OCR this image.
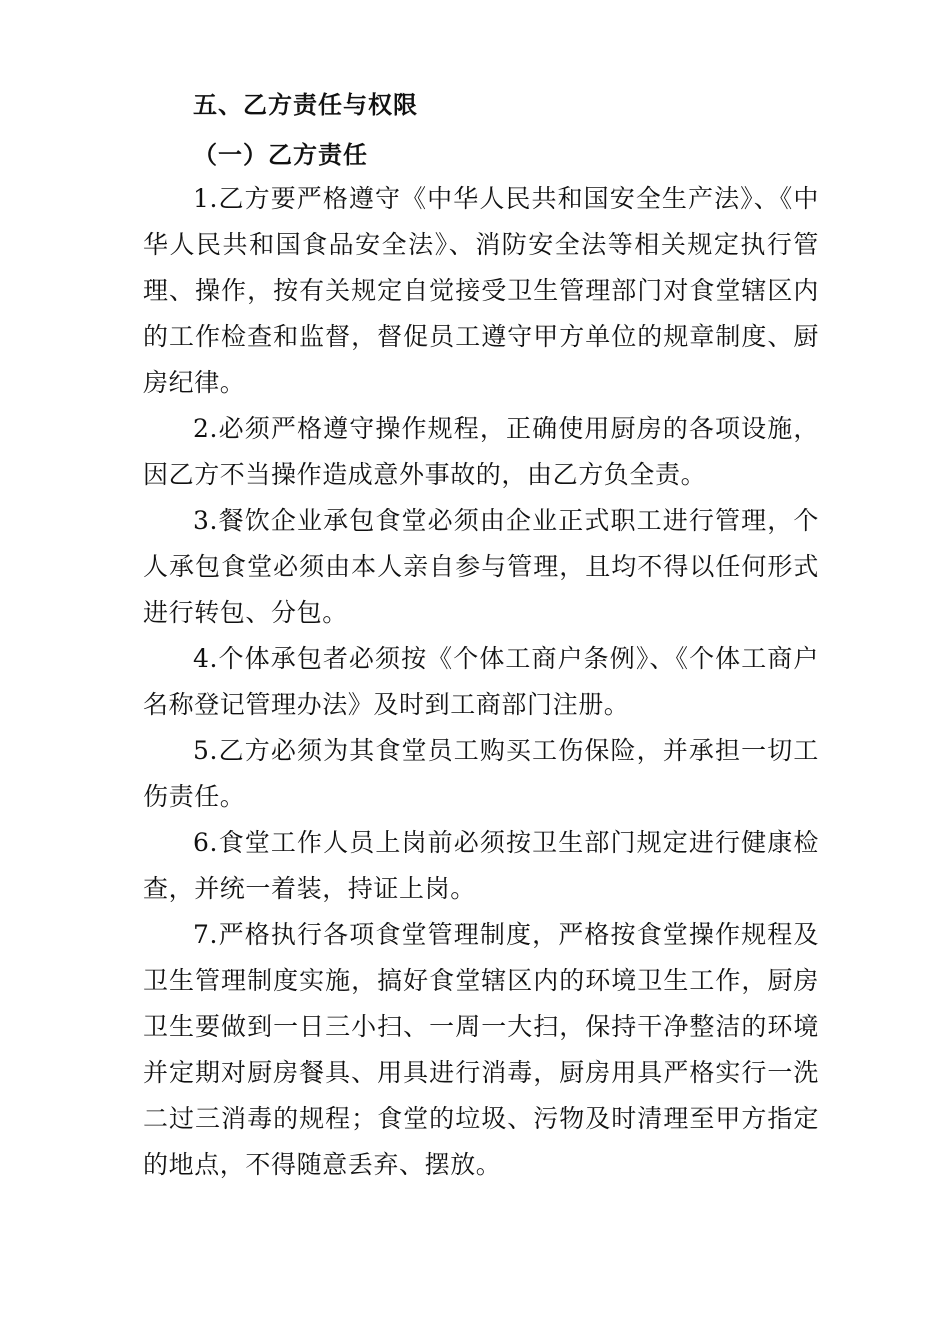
五、乙方责任与权限
（一）乙方责任

1.乙方要严格遵守《中华人民共和国安全生产法》、《中华人民共和国食品安全法》、消防安全法等相关规定执行管理、操作，按有关规定自觉接受卫生管理部门对食堂辖区内的工作检查和监督，督促员工遵守甲方单位的规章制度、厨房纪律。

2.必须严格遵守操作规程，正确使用厨房的各项设施，因乙方不当操作造成意外事故的，由乙方负全责。

3.餐饮企业承包食堂必须由企业正式职工进行管理，个人承包食堂必须由本人亲自参与管理，且均不得以任何形式进行转包、分包。

4.个体承包者必须按《个体工商户条例》、《个体工商户名称登记管理办法》及时到工商部门注册。

5.乙方必须为其食堂员工购买工伤保险，并承担一切工伤责任。

6.食堂工作人员上岗前必须按卫生部门规定进行健康检查，并统一着装，持证上岗。

7.严格执行各项食堂管理制度，严格按食堂操作规程及卫生管理制度实施，搞好食堂辖区内的环境卫生工作，厨房卫生要做到一日三小扫、一周一大扫，保持干净整洁的环境并定期对厨房餐具、用具进行消毒，厨房用具严格实行一洗二过三消毒的规程；食堂的垃圾、污物及时清理至甲方指定的地点，不得随意丢弃、摆放。
